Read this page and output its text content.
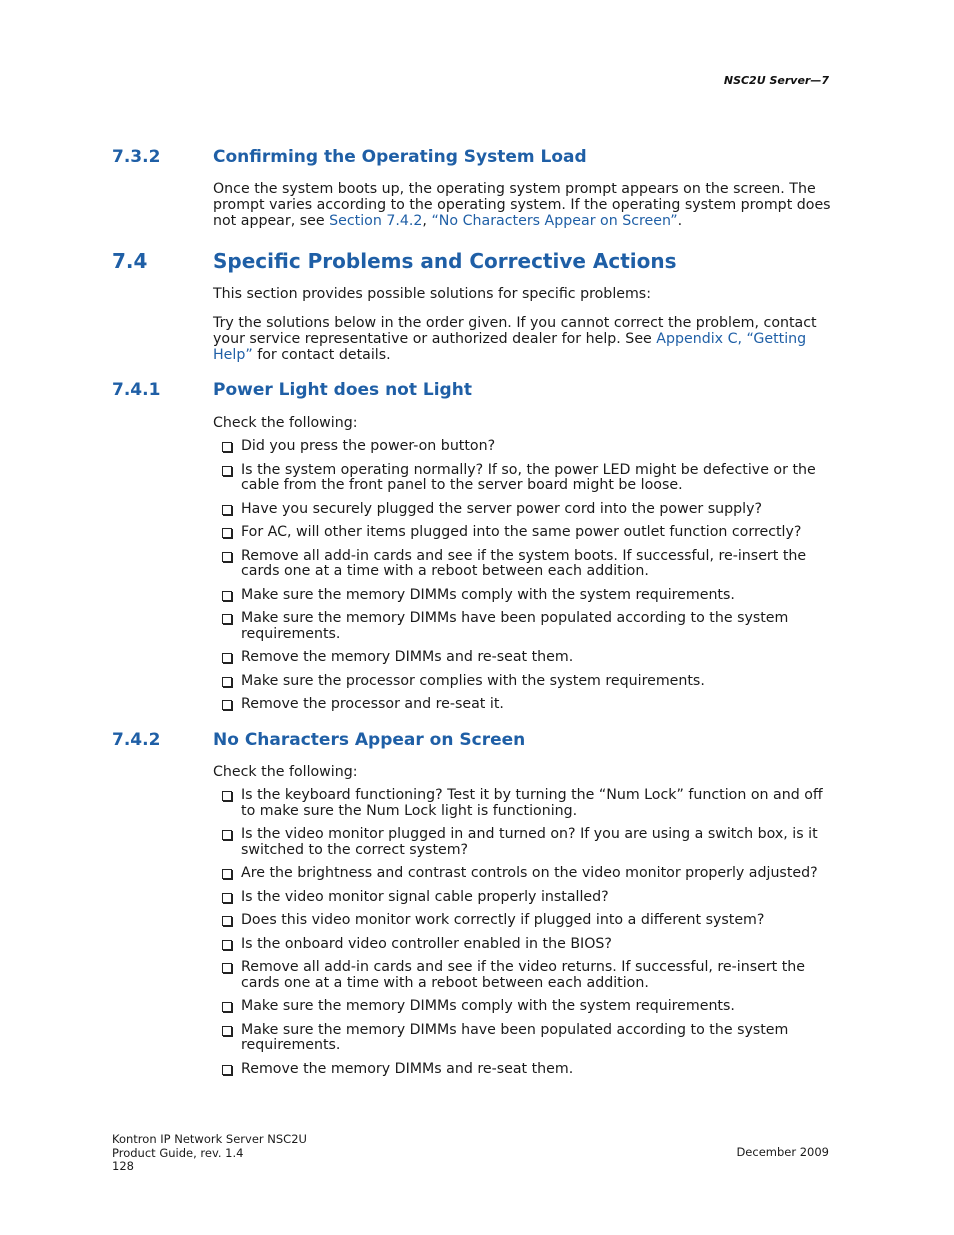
NSC2U Server—7
7.3.2	Confirming the Operating System Load

Once the system boots up, the operating system prompt appears on the screen. The prompt varies according to the operating system. If the operating system prompt does not appear, see Section 7.4.2, “No Characters Appear on Screen”.

7.4	Specific Problems and Corrective Actions

This section provides possible solutions for specific problems:

Try the solutions below in the order given. If you cannot correct the problem, contact your service representative or authorized dealer for help. See Appendix C, “Getting Help” for contact details.

7.4.1	Power Light does not Light

Check the following:

Did you press the power-on button?
Is the system operating normally? If so, the power LED might be defective or the cable from the front panel to the server board might be loose.
Have you securely plugged the server power cord into the power supply?
For AC, will other items plugged into the same power outlet function correctly?
Remove all add-in cards and see if the system boots. If successful, re-insert the cards one at a time with a reboot between each addition.
Make sure the memory DIMMs comply with the system requirements.
Make sure the memory DIMMs have been populated according to the system requirements.
Remove the memory DIMMs and re-seat them.
Make sure the processor complies with the system requirements.
Remove the processor and re-seat it.
7.4.2	No Characters Appear on Screen

Check the following:

Is the keyboard functioning? Test it by turning the “Num Lock” function on and off to make sure the Num Lock light is functioning.
Is the video monitor plugged in and turned on? If you are using a switch box, is it switched to the correct system?
Are the brightness and contrast controls on the video monitor properly adjusted?
Is the video monitor signal cable properly installed?
Does this video monitor work correctly if plugged into a different system?
Is the onboard video controller enabled in the BIOS?
Remove all add-in cards and see if the video returns. If successful, re-insert the cards one at a time with a reboot between each addition.
Make sure the memory DIMMs comply with the system requirements.
Make sure the memory DIMMs have been populated according to the system requirements.
Remove the memory DIMMs and re-seat them.
Kontron IP Network Server NSC2U
Product Guide, rev. 1.4
128
December 2009
